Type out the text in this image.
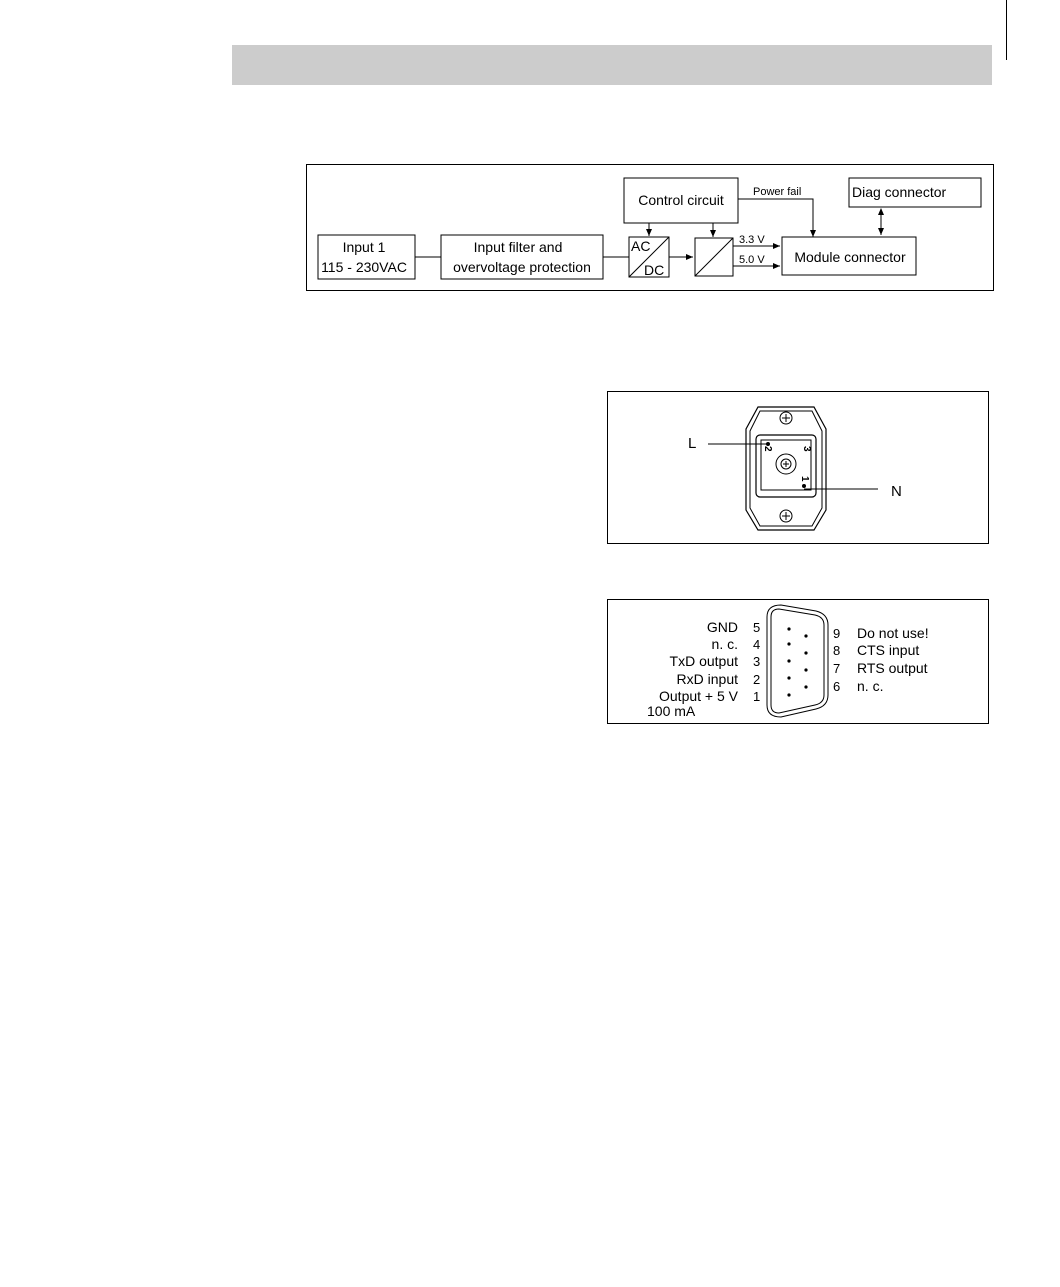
Input 1
115 - 230VAC
Input filter and
overvoltage protection
AC
DC
Control circuit	Power fail
3.3 V
5.0 V Module connector
Diag connector
2	3
1
L
N
GND 5
n. c. 4
TxD output 3
RxD input 2
Output + 5 V 1
100 mA
9 Do not use!
8 CTS input
7 RTS output
6 n. c.
